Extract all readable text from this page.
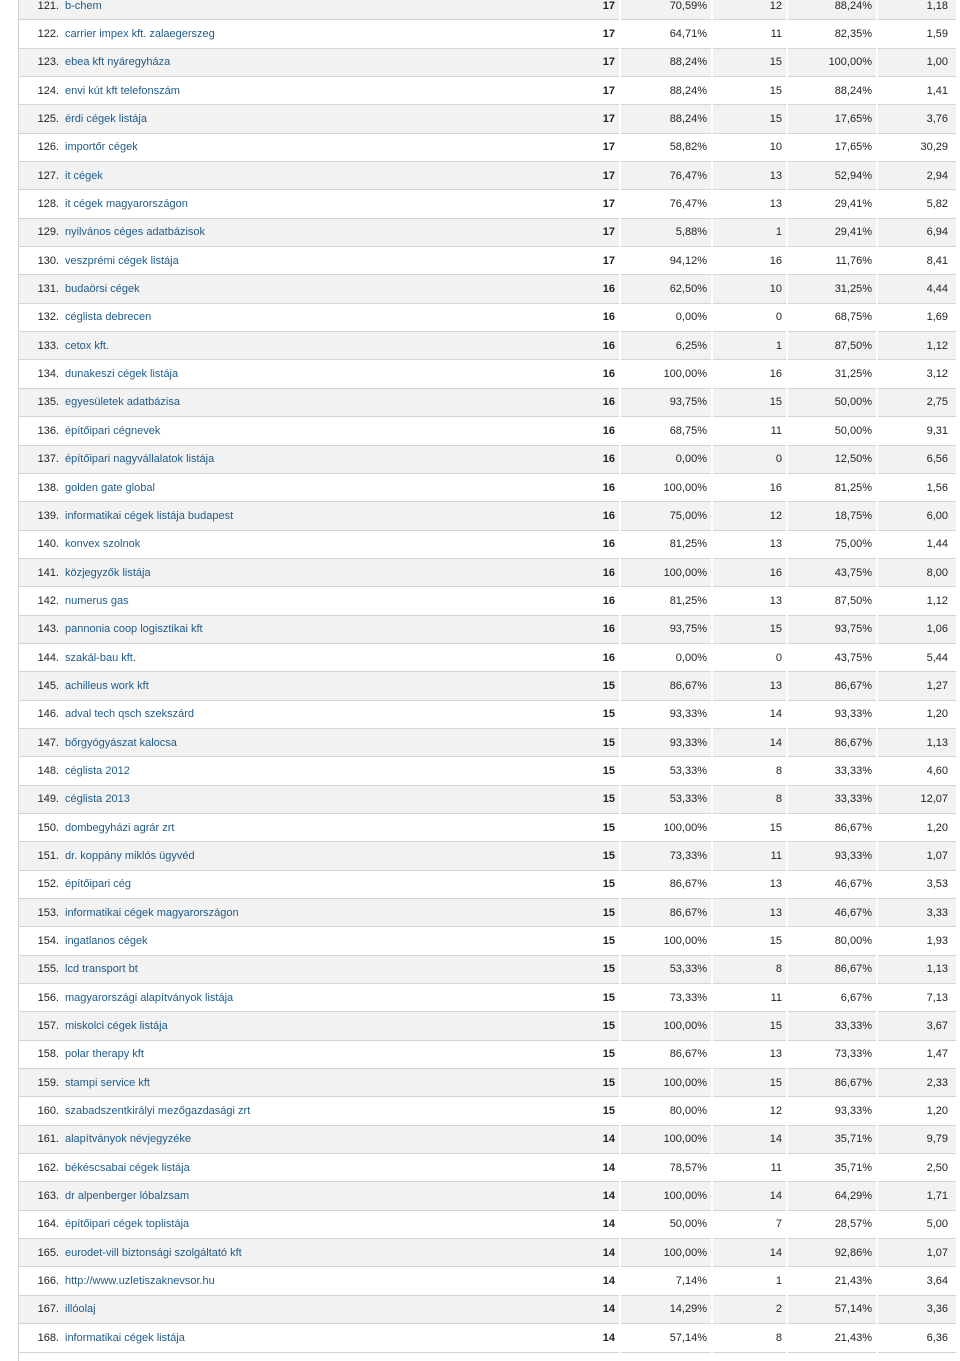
121.	b-chem	17	70,59%	12	88,24%	1,18
122.	carrier impex kft. zalaegerszeg	17	64,71%	11	82,35%	1,59
123.	ebea kft nyáregyháza	17	88,24%	15	100,00%	1,00
124.	envi kút kft telefonszám	17	88,24%	15	88,24%	1,41
125.	érdi cégek listája	17	88,24%	15	17,65%	3,76
126.	importőr cégek	17	58,82%	10	17,65%	30,29
127.	it cégek	17	76,47%	13	52,94%	2,94
128.	it cégek magyarországon	17	76,47%	13	29,41%	5,82
129.	nyilvános céges adatbázisok	17	5,88%	1	29,41%	6,94
130.	veszprémi cégek listája	17	94,12%	16	11,76%	8,41
131.	budaörsi cégek	16	62,50%	10	31,25%	4,44
132.	céglista debrecen	16	0,00%	0	68,75%	1,69
133.	cetox kft.	16	6,25%	1	87,50%	1,12
134.	dunakeszi cégek listája	16	100,00%	16	31,25%	3,12
135.	egyesületek adatbázisa	16	93,75%	15	50,00%	2,75
136.	építőipari cégnevek	16	68,75%	11	50,00%	9,31
137.	építőipari nagyvállalatok listája	16	0,00%	0	12,50%	6,56
138.	golden gate global	16	100,00%	16	81,25%	1,56
139.	informatikai cégek listája budapest	16	75,00%	12	18,75%	6,00
140.	konvex szolnok	16	81,25%	13	75,00%	1,44
141.	közjegyzők listája	16	100,00%	16	43,75%	8,00
142.	numerus gas	16	81,25%	13	87,50%	1,12
143.	pannonia coop logisztikai kft	16	93,75%	15	93,75%	1,06
144.	szakál-bau kft.	16	0,00%	0	43,75%	5,44
145.	achilleus work kft	15	86,67%	13	86,67%	1,27
146.	adval tech qsch szekszárd	15	93,33%	14	93,33%	1,20
147.	bőrgyógyászat kalocsa	15	93,33%	14	86,67%	1,13
148.	céglista 2012	15	53,33%	8	33,33%	4,60
149.	céglista 2013	15	53,33%	8	33,33%	12,07
150.	dombegyházi agrár zrt	15	100,00%	15	86,67%	1,20
151.	dr. koppány miklós ügyvéd	15	73,33%	11	93,33%	1,07
152.	építőipari cég	15	86,67%	13	46,67%	3,53
153.	informatikai cégek magyarországon	15	86,67%	13	46,67%	3,33
154.	ingatlanos cégek	15	100,00%	15	80,00%	1,93
155.	lcd transport bt	15	53,33%	8	86,67%	1,13
156.	magyarországi alapítványok listája	15	73,33%	11	6,67%	7,13
157.	miskolci cégek listája	15	100,00%	15	33,33%	3,67
158.	polar therapy kft	15	86,67%	13	73,33%	1,47
159.	stampi service kft	15	100,00%	15	86,67%	2,33
160.	szabadszentkirályi mezőgazdasági zrt	15	80,00%	12	93,33%	1,20
161.	alapítványok névjegyzéke	14	100,00%	14	35,71%	9,79
162.	békéscsabai cégek listája	14	78,57%	11	35,71%	2,50
163.	dr alpenberger lóbalzsam	14	100,00%	14	64,29%	1,71
164.	építőipari cégek toplistája	14	50,00%	7	28,57%	5,00
165.	eurodet-vill biztonsági szolgáltató kft	14	100,00%	14	92,86%	1,07
166.	http://www.uzletiszaknevsor.hu	14	7,14%	1	21,43%	3,64
167.	illóolaj	14	14,29%	2	57,14%	3,36
168.	informatikai cégek listája	14	57,14%	8	21,43%	6,36
